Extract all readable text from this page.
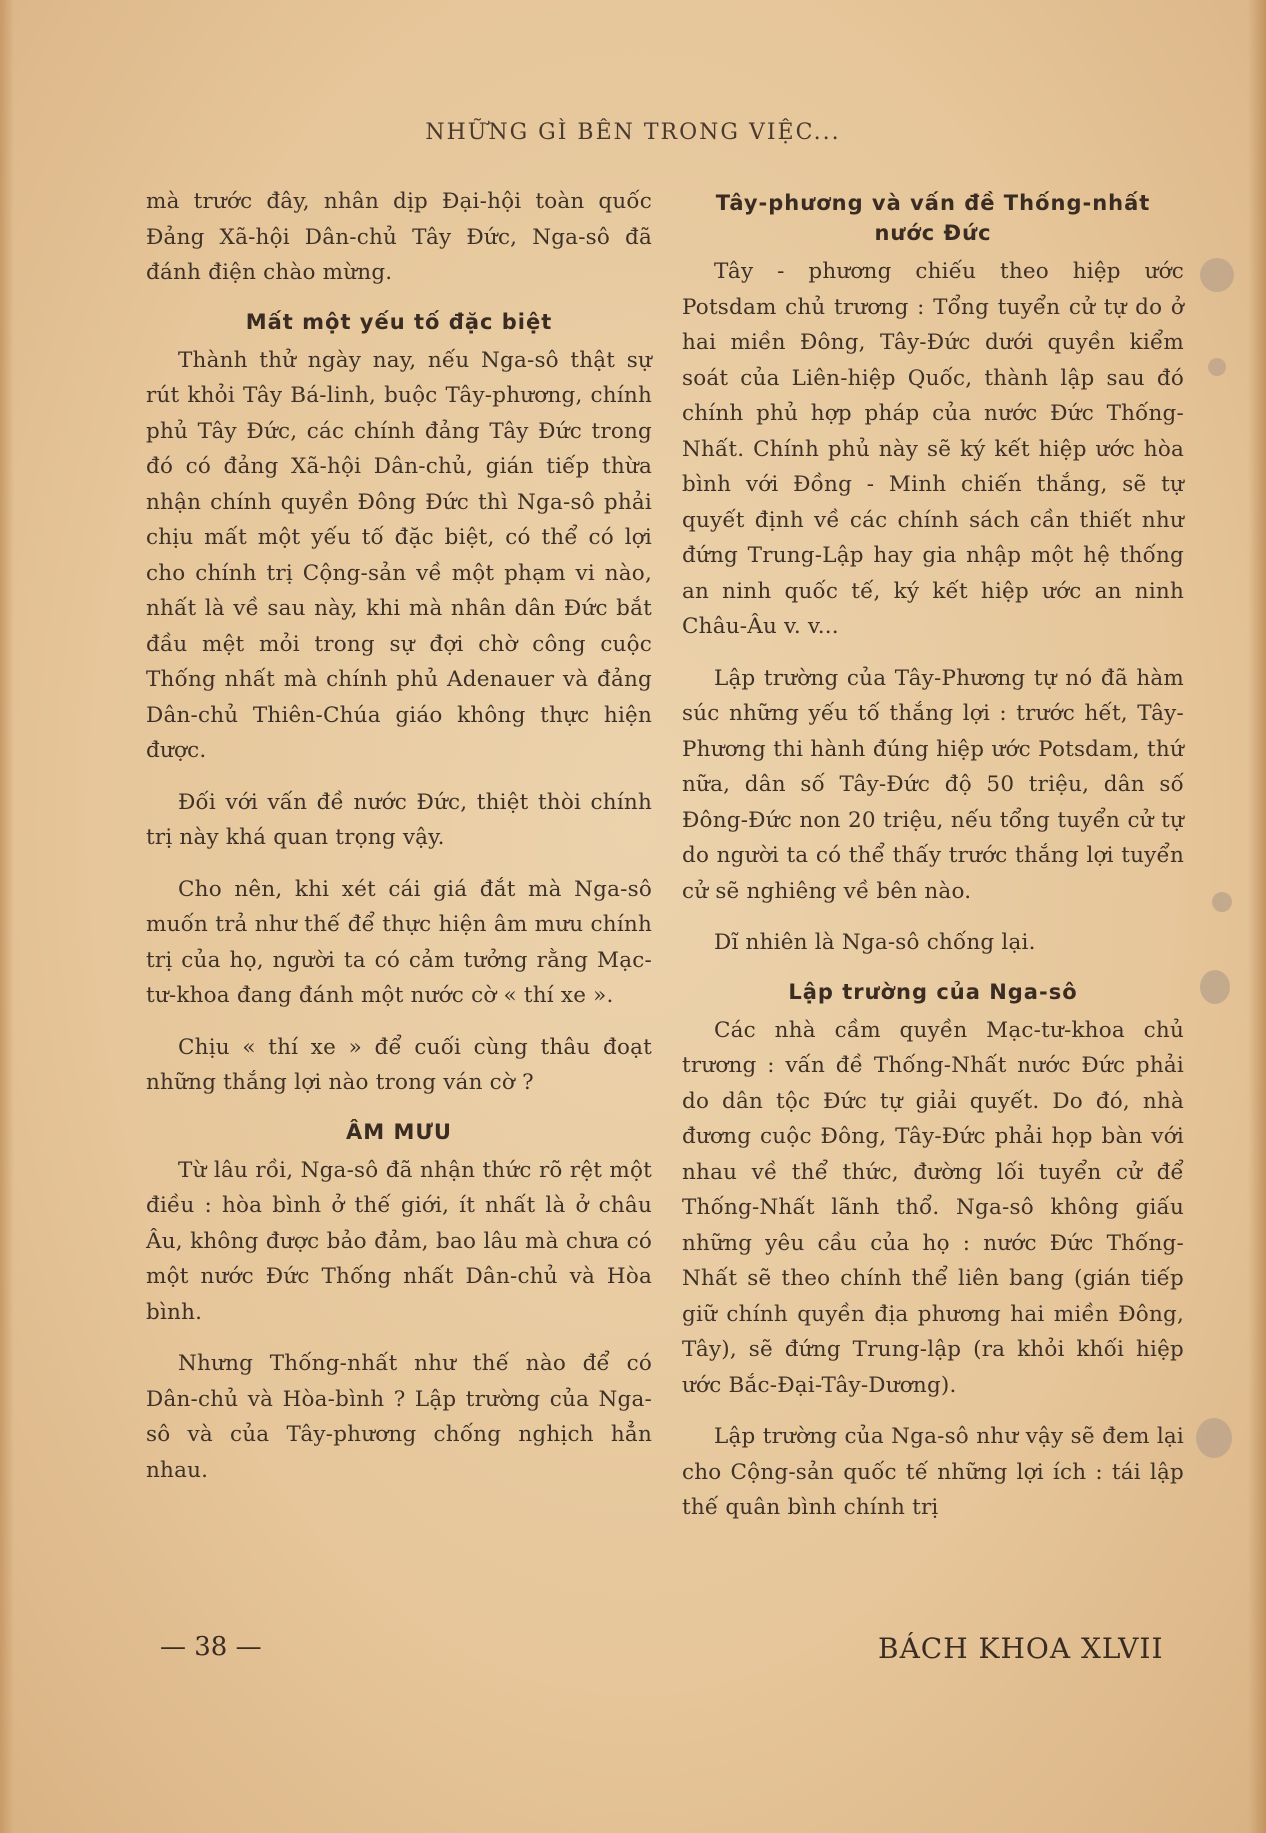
NHỮNG GÌ BÊN TRONG VIỆC...

mà trước đây, nhân dịp Đại-hội toàn quốc Đảng Xã-hội Dân-chủ Tây Đức, Nga-sô đã đánh điện chào mừng.

Mất một yếu tố đặc biệt

Thành thử ngày nay, nếu Nga-sô thật sự rút khỏi Tây Bá-linh, buộc Tây-phương, chính phủ Tây Đức, các chính đảng Tây Đức trong đó có đảng Xã-hội Dân-chủ, gián tiếp thừa nhận chính quyền Đông Đức thì Nga-sô phải chịu mất một yếu tố đặc biệt, có thể có lợi cho chính trị Cộng-sản về một phạm vi nào, nhất là về sau này, khi mà nhân dân Đức bắt đầu mệt mỏi trong sự đợi chờ công cuộc Thống nhất mà chính phủ Adenauer và đảng Dân-chủ Thiên-Chúa giáo không thực hiện được.

Đối với vấn đề nước Đức, thiệt thòi chính trị này khá quan trọng vậy.

Cho nên, khi xét cái giá đắt mà Nga-sô muốn trả như thế để thực hiện âm mưu chính trị của họ, người ta có cảm tưởng rằng Mạc-tư-khoa đang đánh một nước cờ « thí xe ».

Chịu « thí xe » để cuối cùng thâu đoạt những thắng lợi nào trong ván cờ ?

ÂM MƯU

Từ lâu rồi, Nga-sô đã nhận thức rõ rệt một điều : hòa bình ở thế giới, ít nhất là ở châu Âu, không được bảo đảm, bao lâu mà chưa có một nước Đức Thống nhất Dân-chủ và Hòa bình.

Nhưng Thống-nhất như thế nào để có Dân-chủ và Hòa-bình ? Lập trường của Nga-sô và của Tây-phương chống nghịch hẳn nhau.

Tây-phương và vấn đề Thống-nhất nước Đức

Tây - phương chiếu theo hiệp ước Potsdam chủ trương : Tổng tuyển cử tự do ở hai miền Đông, Tây-Đức dưới quyền kiểm soát của Liên-hiệp Quốc, thành lập sau đó chính phủ hợp pháp của nước Đức Thống-Nhất. Chính phủ này sẽ ký kết hiệp ước hòa bình với Đồng - Minh chiến thắng, sẽ tự quyết định về các chính sách cần thiết như đứng Trung-Lập hay gia nhập một hệ thống an ninh quốc tế, ký kết hiệp ước an ninh Châu-Âu v. v...

Lập trường của Tây-Phương tự nó đã hàm súc những yếu tố thắng lợi : trước hết, Tây-Phương thi hành đúng hiệp ước Potsdam, thứ nữa, dân số Tây-Đức độ 50 triệu, dân số Đông-Đức non 20 triệu, nếu tổng tuyển cử tự do người ta có thể thấy trước thắng lợi tuyển cử sẽ nghiêng về bên nào.

Dĩ nhiên là Nga-sô chống lại.

Lập trường của Nga-sô

Các nhà cầm quyền Mạc-tư-khoa chủ trương : vấn đề Thống-Nhất nước Đức phải do dân tộc Đức tự giải quyết. Do đó, nhà đương cuộc Đông, Tây-Đức phải họp bàn với nhau về thể thức, đường lối tuyển cử để Thống-Nhất lãnh thổ. Nga-sô không giấu những yêu cầu của họ : nước Đức Thống-Nhất sẽ theo chính thể liên bang (gián tiếp giữ chính quyền địa phương hai miền Đông, Tây), sẽ đứng Trung-lập (ra khỏi khối hiệp ước Bắc-Đại-Tây-Dương).

Lập trường của Nga-sô như vậy sẽ đem lại cho Cộng-sản quốc tế những lợi ích : tái lập thế quân bình chính trị

— 38 —	BÁCH KHOA XLVII
